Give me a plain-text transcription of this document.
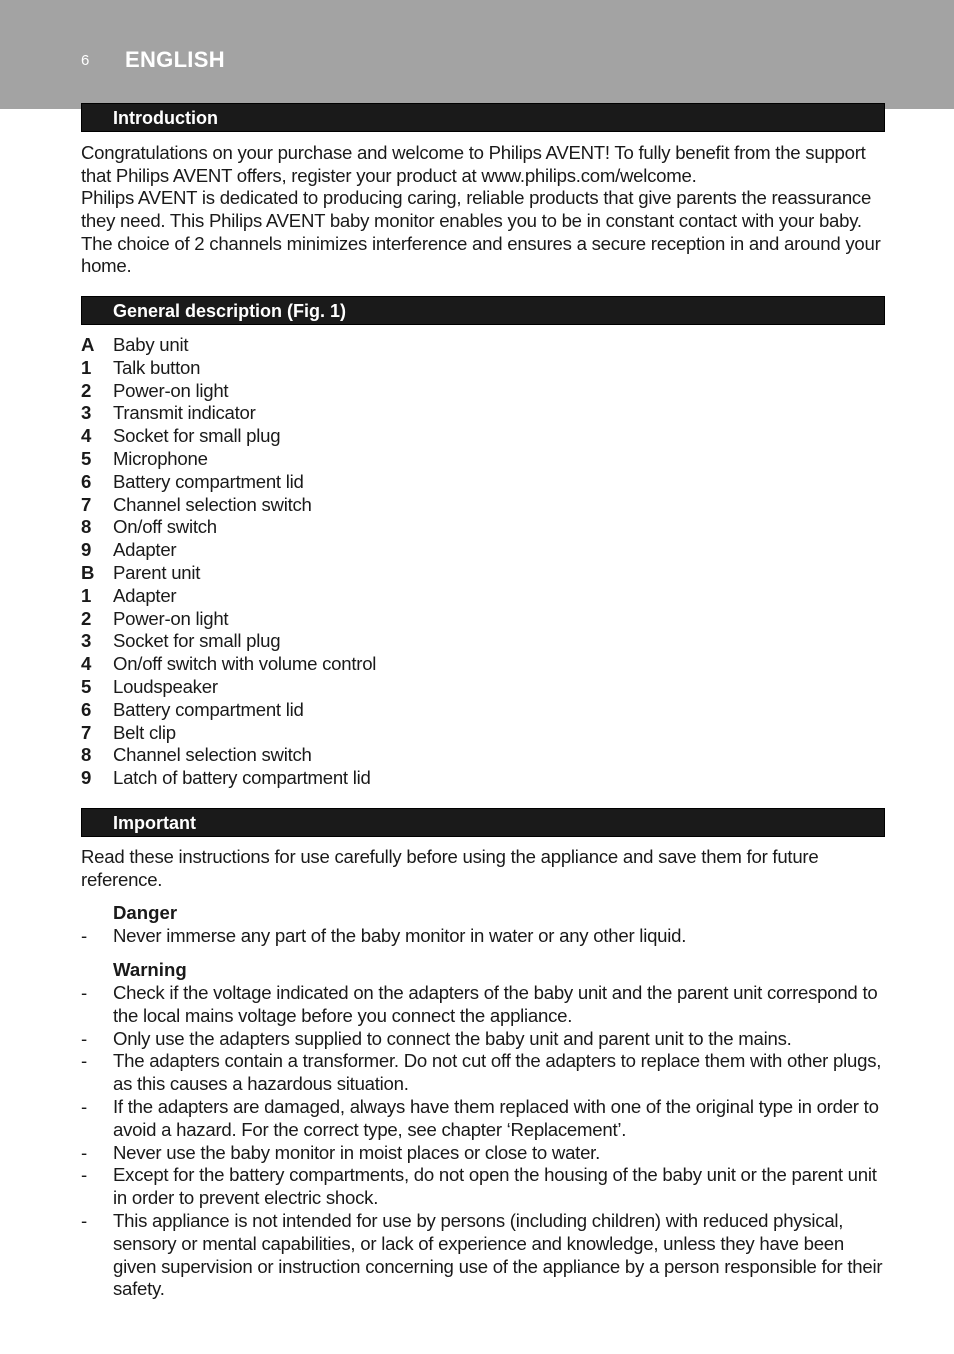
6 ENGLISH
Introduction
Congratulations on your purchase and welcome to Philips AVENT! To fully benefit from the support that Philips AVENT offers, register your product at www.philips.com/welcome.
Philips AVENT is dedicated to producing caring, reliable products that give parents the reassurance they need. This Philips AVENT baby monitor enables you to be in constant contact with your baby. The choice of 2 channels minimizes interference and ensures a secure reception in and around your home.
General description (Fig. 1)
A Baby unit
1 Talk button
2 Power-on light
3 Transmit indicator
4 Socket for small plug
5 Microphone
6 Battery compartment lid
7 Channel selection switch
8 On/off switch
9 Adapter
B Parent unit
1 Adapter
2 Power-on light
3 Socket for small plug
4 On/off switch with volume control
5 Loudspeaker
6 Battery compartment lid
7 Belt clip
8 Channel selection switch
9 Latch of battery compartment lid
Important
Read these instructions for use carefully before using the appliance and save them for future reference.
Danger
- Never immerse any part of the baby monitor in water or any other liquid.
Warning
- Check if the voltage indicated on the adapters of the baby unit and the parent unit correspond to the local mains voltage before you connect the appliance.
- Only use the adapters supplied to connect the baby unit and parent unit to the mains.
- The adapters contain a transformer. Do not cut off the adapters to replace them with other plugs, as this causes a hazardous situation.
- If the adapters are damaged, always have them replaced with one of the original type in order to avoid a hazard. For the correct type, see chapter ‘Replacement’.
- Never use the baby monitor in moist places or close to water.
- Except for the battery compartments, do not open the housing of the baby unit or the parent unit in order to prevent electric shock.
- This appliance is not intended for use by persons (including children) with reduced physical, sensory or mental capabilities, or lack of experience and knowledge, unless they have been given supervision or instruction concerning use of the appliance by a person responsible for their safety.
